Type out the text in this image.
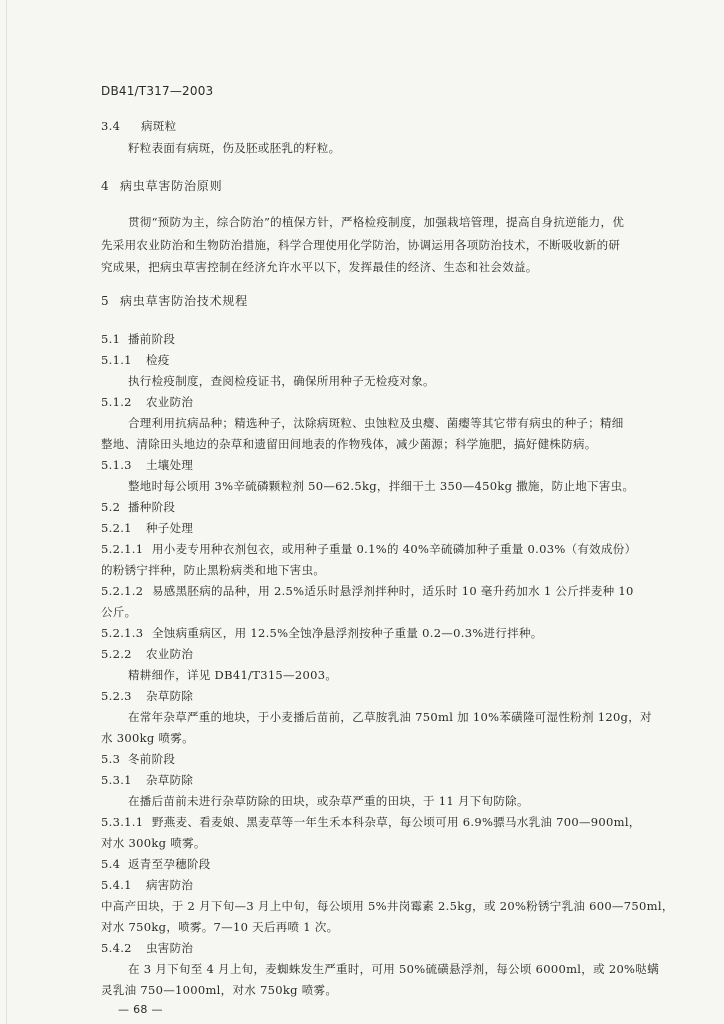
DB41/T317—2003
3.4 病斑粒
籽粒表面有病斑，伤及胚或胚乳的籽粒。
4 病虫草害防治原则
贯彻“预防为主，综合防治”的植保方针，严格检疫制度，加强栽培管理，提高自身抗逆能力，优
先采用农业防治和生物防治措施，科学合理使用化学防治，协调运用各项防治技术，不断吸收新的研
究成果，把病虫草害控制在经济允许水平以下，发挥最佳的经济、生态和社会效益。
5 病虫草害防治技术规程
5.1 播前阶段
5.1.1 检疫
执行检疫制度，查阅检疫证书，确保所用种子无检疫对象。
5.1.2 农业防治
合理利用抗病品种；精选种子，汰除病斑粒、虫蚀粒及虫瘿、菌瘿等其它带有病虫的种子；精细
整地、清除田头地边的杂草和遗留田间地表的作物残体，减少菌源；科学施肥，搞好健株防病。
5.1.3 土壤处理
整地时每公顷用 3%辛硫磷颗粒剂 50—62.5kg，拌细干土 350—450kg 撒施，防止地下害虫。
5.2 播种阶段
5.2.1 种子处理
5.2.1.1 用小麦专用种衣剂包衣，或用种子重量 0.1%的 40%辛硫磷加种子重量 0.03%（有效成份）
的粉锈宁拌种，防止黑粉病类和地下害虫。
5.2.1.2 易感黑胚病的品种，用 2.5%适乐时悬浮剂拌种时，适乐时 10 毫升药加水 1 公斤拌麦种 10
公斤。
5.2.1.3 全蚀病重病区，用 12.5%全蚀净悬浮剂按种子重量 0.2—0.3%进行拌种。
5.2.2 农业防治
精耕细作，详见 DB41/T315—2003。
5.2.3 杂草防除
在常年杂草严重的地块，于小麦播后苗前，乙草胺乳油 750ml 加 10%苯磺隆可湿性粉剂 120g，对
水 300kg 喷雾。
5.3 冬前阶段
5.3.1 杂草防除
在播后苗前未进行杂草防除的田块，或杂草严重的田块，于 11 月下旬防除。
5.3.1.1 野燕麦、看麦娘、黑麦草等一年生禾本科杂草，每公顷可用 6.9%骠马水乳油 700—900ml，
对水 300kg 喷雾。
5.4 返青至孕穗阶段
5.4.1 病害防治
中高产田块，于 2 月下旬—3 月上中旬，每公顷用 5%井岗霉素 2.5kg，或 20%粉锈宁乳油 600—750ml，
对水 750kg，喷雾。7—10 天后再喷 1 次。
5.4.2 虫害防治
在 3 月下旬至 4 月上旬，麦蜘蛛发生严重时，可用 50%硫磺悬浮剂，每公顷 6000ml，或 20%哒螨
灵乳油 750—1000ml，对水 750kg 喷雾。
— 68 —
